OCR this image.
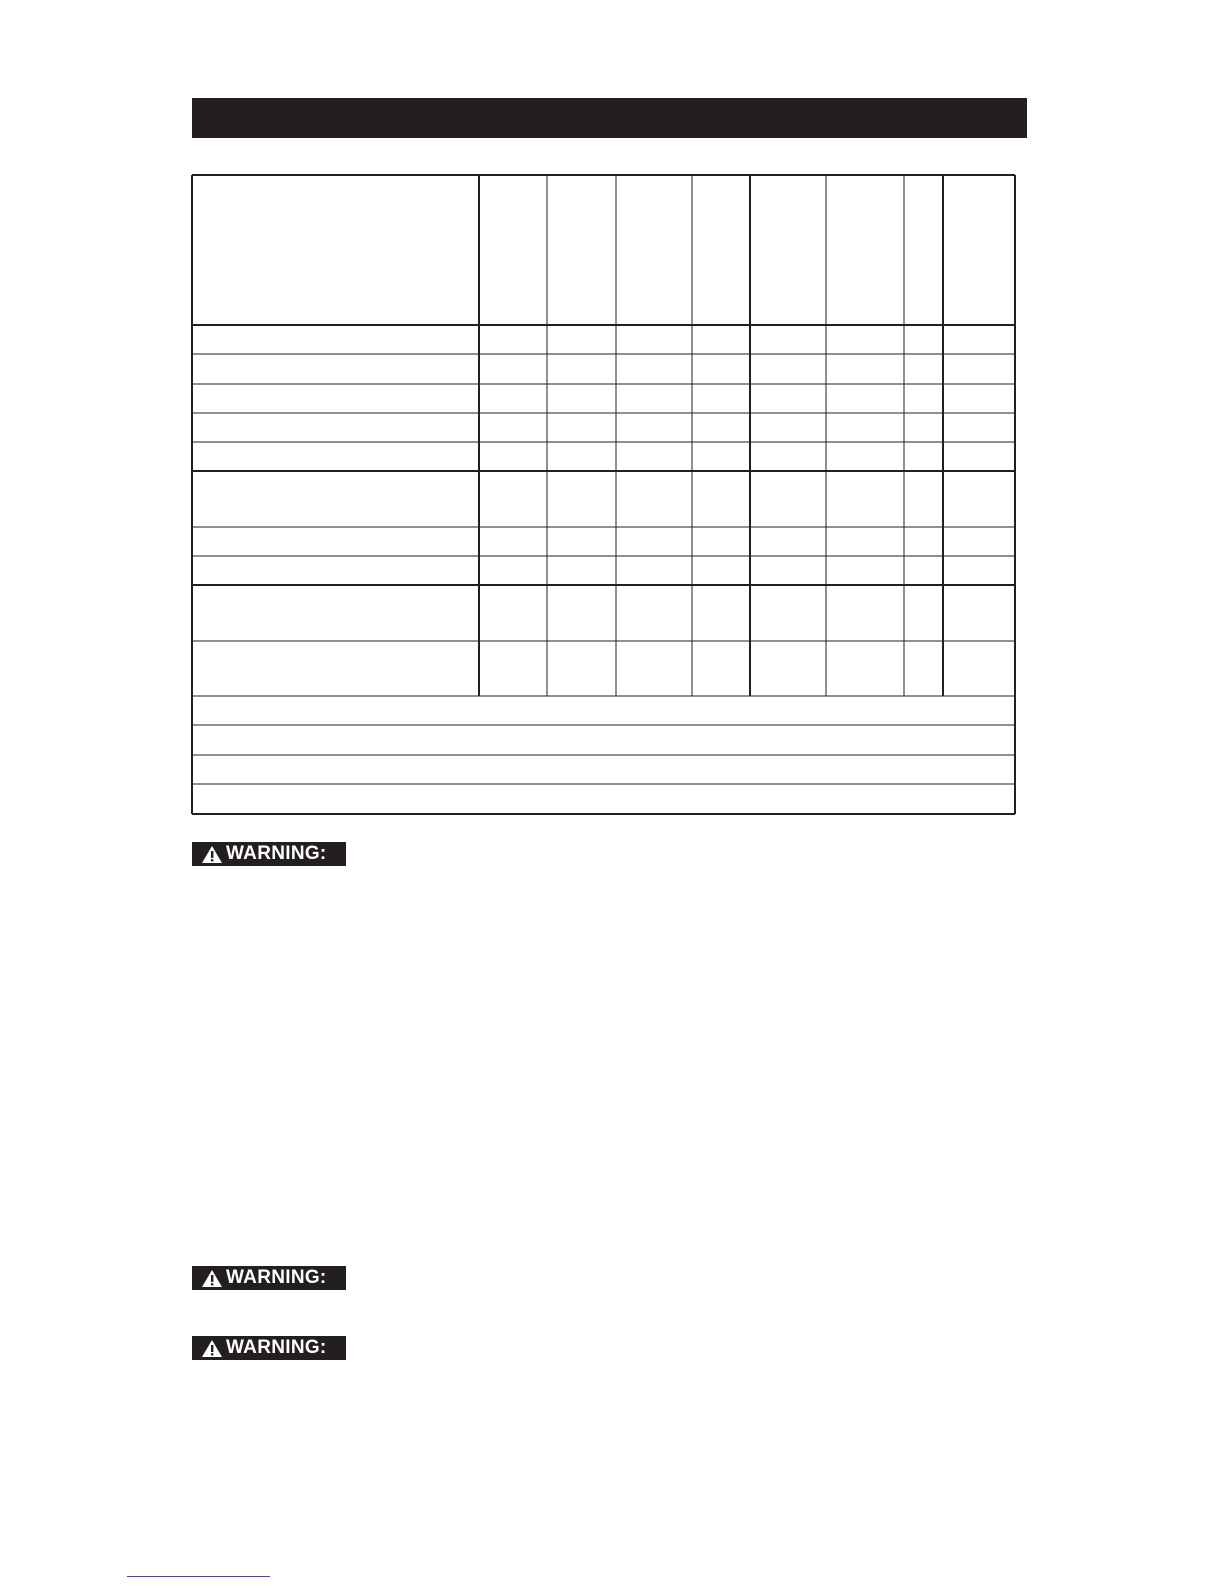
WARNING:
WARNING:
WARNING:
